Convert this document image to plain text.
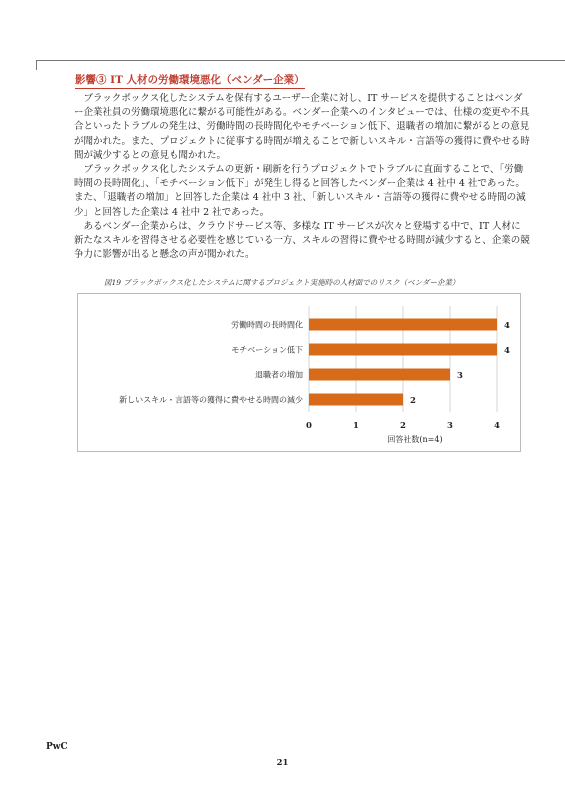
影響③ IT 人材の労働環境悪化（ベンダー企業）

ブラックボックス化したシステムを保有するユーザー企業に対し、IT サービスを提供することはベンダー企業社員の労働環境悪化に繋がる可能性がある。ベンダー企業へのインタビューでは、仕様の変更や不具合といったトラブルの発生は、労働時間の長時間化やモチベーション低下、退職者の増加に繋がるとの意見が聞かれた。また、プロジェクトに従事する時間が増えることで新しいスキル・言語等の獲得に費やせる時間が減少するとの意見も聞かれた。

ブラックボックス化したシステムの更新・刷新を行うプロジェクトでトラブルに直面することで、「労働時間の長時間化」、「モチベーション低下」が発生し得ると回答したベンダー企業は 4 社中 4 社であった。また、「退職者の増加」と回答した企業は 4 社中 3 社、「新しいスキル・言語等の獲得に費やせる時間の減少」と回答した企業は 4 社中 2 社であった。

あるベンダー企業からは、クラウドサービス等、多様な IT サービスが次々と登場する中で、IT 人材に新たなスキルを習得させる必要性を感じている一方、スキルの習得に費やせる時間が減少すると、企業の競争力に影響が出ると懸念の声が聞かれた。

図19 ブラックボックス化したシステムに関するプロジェクト実施時の人材面でのリスク（ベンダー企業）
0	1	2	3	4
労働時間の長時間化	4
モチベーション低下	4
退職者の増加	3
新しいスキル・言語等の獲得に費やせる時間の減少	2
回答社数(n=4)
PwC
21
